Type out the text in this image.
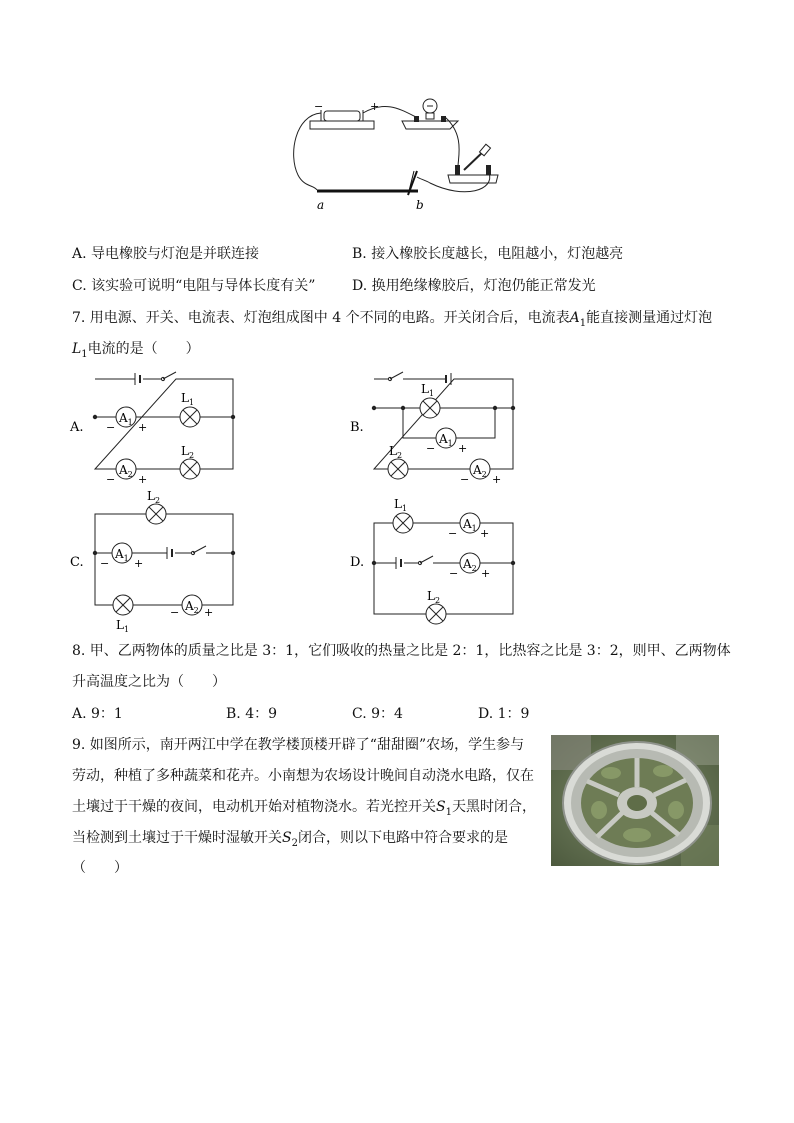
−	+
a	b
A. 导电橡胶与灯泡是并联连接	B. 接入橡胶长度越长，电阻越小，灯泡越亮
C. 该实验可说明“电阻与导体长度有关”	D. 换用绝缘橡胶后，灯泡仍能正常发光
7. 用电源、开关、电流表、灯泡组成图中 4 个不同的电路。开关闭合后，电流表$A_1$能直接测量通过灯泡
$L_1$电流的是（　　）
A.
$A_1$
− +
$L_1$
$A_2$
− +
$L_2$
B.
$L_1$
$A_1$
− +
$L_2$
$A_2$
− +
C.
$L_2$
$A_1$
− +
$L_1$
$A_2$
− +
D.
$L_1$
$A_1$
− +
$A_2$
− +
$L_2$
8. 甲、乙两物体的质量之比是 3：1，它们吸收的热量之比是 2：1，比热容之比是 3：2，则甲、乙两物体
升高温度之比为（　　）
A. 9：1	B. 4：9	C. 9：4	D. 1：9
9. 如图所示，南开两江中学在教学楼顶楼开辟了“甜甜圈”农场，学生参与
劳动，种植了多种蔬菜和花卉。小南想为农场设计晚间自动浇水电路，仅在
土壤过于干燥的夜间，电动机开始对植物浇水。若光控开关$S_1$天黑时闭合，
当检测到土壤过于干燥时湿敏开关$S_2$闭合，则以下电路中符合要求的是
（　　）
